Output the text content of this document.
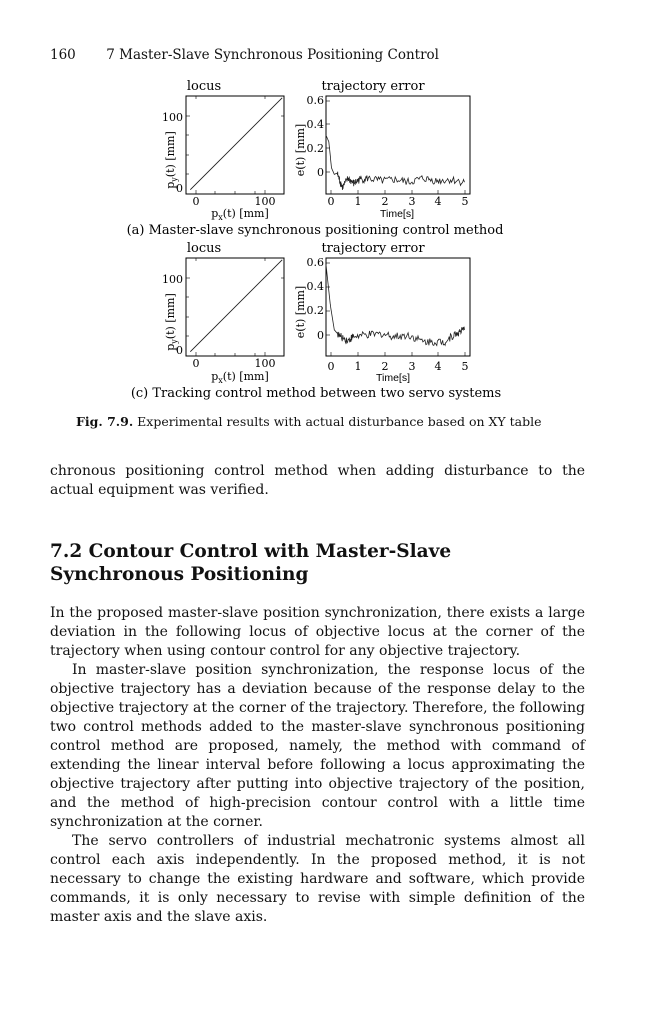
160 7 Master-Slave Synchronous Positioning Control
locus
100
0
0	100
$p_x(t)$ [mm]
$p_y(t)$ [mm]
trajectory error
0.6
0.4
0.2
0
0 1 2 3 4 5
Time[s]
e(t) [mm]
(a) Master-slave synchronous positioning control method
locus
100
0
0	100
$p_x(t)$ [mm]
$p_y(t)$ [mm]
trajectory error
0.6
0.4
0.2
0
0 1 2 3 4 5
Time[s]
e(t) [mm]
(c) Tracking control method between two servo systems
Fig. 7.9. Experimental results with actual disturbance based on XY table

chronous positioning control method when adding disturbance to the actual equipment was verified.

7.2 Contour Control with Master-Slave Synchronous Positioning

In the proposed master-slave position synchronization, there exists a large deviation in the following locus of objective locus at the corner of the trajectory when using contour control for any objective trajectory.

In master-slave position synchronization, the response locus of the objective trajectory has a deviation because of the response delay to the objective trajectory at the corner of the trajectory. Therefore, the following two control methods added to the master-slave synchronous positioning control method are proposed, namely, the method with command of extending the linear interval before following a locus approximating the objective trajectory after putting into objective trajectory of the position, and the method of high-precision contour control with a little time synchronization at the corner.

The servo controllers of industrial mechatronic systems almost all control each axis independently. In the proposed method, it is not necessary to change the existing hardware and software, which provide commands, it is only necessary to revise with simple definition of the master axis and the slave axis.
